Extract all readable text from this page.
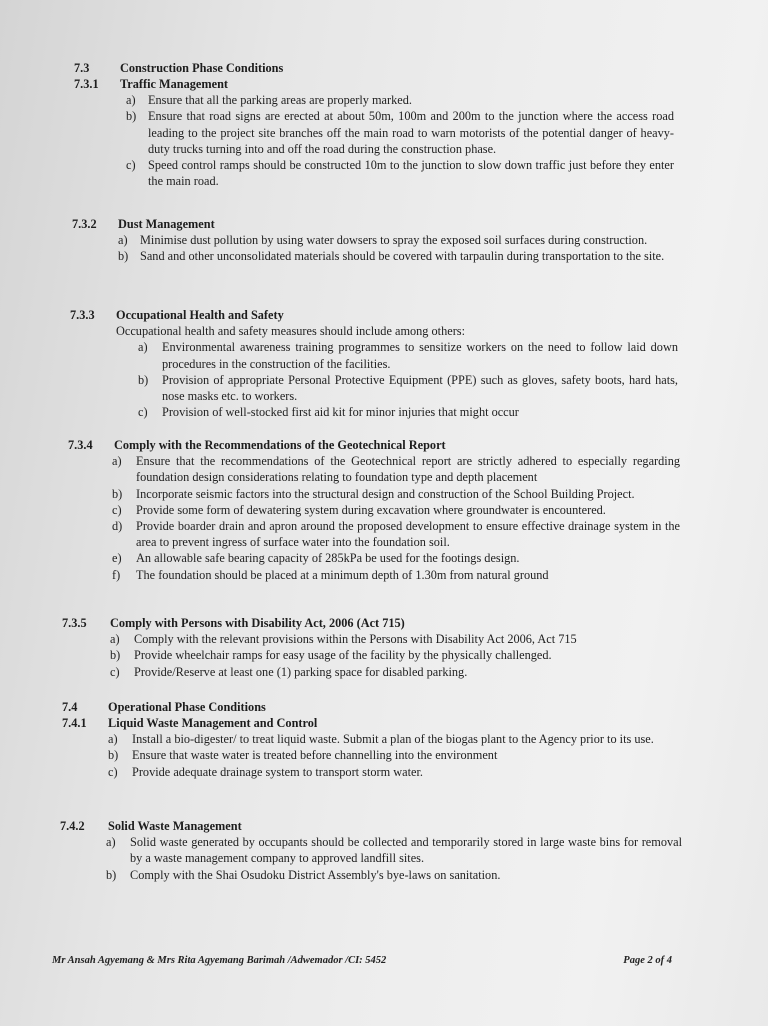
7.3 Construction Phase Conditions
7.3.1 Traffic Management
a) Ensure that all the parking areas are properly marked.
b) Ensure that road signs are erected at about 50m, 100m and 200m to the junction where the access road leading to the project site branches off the main road to warn motorists of the potential danger of heavy-duty trucks turning into and off the road during the construction phase.
c) Speed control ramps should be constructed 10m to the junction to slow down traffic just before they enter the main road.
7.3.2 Dust Management
a) Minimise dust pollution by using water dowsers to spray the exposed soil surfaces during construction.
b) Sand and other unconsolidated materials should be covered with tarpaulin during transportation to the site.
7.3.3 Occupational Health and Safety
Occupational health and safety measures should include among others:
a) Environmental awareness training programmes to sensitize workers on the need to follow laid down procedures in the construction of the facilities.
b) Provision of appropriate Personal Protective Equipment (PPE) such as gloves, safety boots, hard hats, nose masks etc. to workers.
c) Provision of well-stocked first aid kit for minor injuries that might occur
7.3.4 Comply with the Recommendations of the Geotechnical Report
a) Ensure that the recommendations of the Geotechnical report are strictly adhered to especially regarding foundation design considerations relating to foundation type and depth placement
b) Incorporate seismic factors into the structural design and construction of the School Building Project.
c) Provide some form of dewatering system during excavation where groundwater is encountered.
d) Provide boarder drain and apron around the proposed development to ensure effective drainage system in the area to prevent ingress of surface water into the foundation soil.
e) An allowable safe bearing capacity of 285kPa be used for the footings design.
f) The foundation should be placed at a minimum depth of 1.30m from natural ground
7.3.5 Comply with Persons with Disability Act, 2006 (Act 715)
a) Comply with the relevant provisions within the Persons with Disability Act 2006, Act 715
b) Provide wheelchair ramps for easy usage of the facility by the physically challenged.
c) Provide/Reserve at least one (1) parking space for disabled parking.
7.4 Operational Phase Conditions
7.4.1 Liquid Waste Management and Control
a) Install a bio-digester/ to treat liquid waste. Submit a plan of the biogas plant to the Agency prior to its use.
b) Ensure that waste water is treated before channelling into the environment
c) Provide adequate drainage system to transport storm water.
7.4.2 Solid Waste Management
a) Solid waste generated by occupants should be collected and temporarily stored in large waste bins for removal by a waste management company to approved landfill sites.
b) Comply with the Shai Osudoku District Assembly's bye-laws on sanitation.
Mr Ansah Agyemang & Mrs Rita Agyemang Barimah /Adwemador /CI: 5452	Page 2 of 4
